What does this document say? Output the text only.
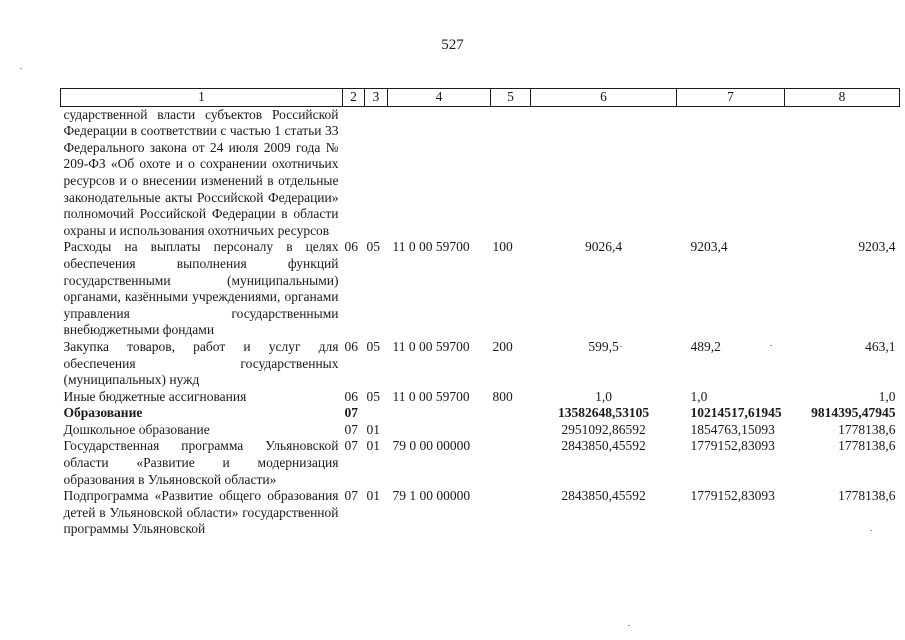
527
1	2	3	4	5	6	7	8
сударственной власти субъектов Российской Федерации в соответствии с частью 1 статьи 33 Федерального закона от 24 июля 2009 года № 209-ФЗ «Об охоте и о сохранении охотничьих ресурсов и о внесении изменений в отдельные законодательные акты Российской Федерации» полномочий Российской Федерации в области охраны и использования охотничьих ресурсов							
Расходы на выплаты персоналу в целях обеспечения выполнения функций государственными (муниципальными) органами, казёнными учреждениями, органами управления государственными внебюджетными фондами	06	05	11 0 00 59700	100	9026,4	9203,4	9203,4
Закупка товаров, работ и услуг для обеспечения государственных (муниципальных) нужд	06	05	11 0 00 59700	200	599,5	489,2	463,1
Иные бюджетные ассигнования	06	05	11 0 00 59700	800	1,0	1,0	1,0
Образование	07				13582648,53105	10214517,61945	9814395,47945
Дошкольное образование	07	01			2951092,86592	1854763,15093	1778138,6
Государственная программа Ульяновской области «Развитие и модернизация образования в Ульяновской области»	07	01	79 0 00 00000		2843850,45592	1779152,83093	1778138,6
Подпрограмма «Развитие общего образования детей в Ульяновской области» государственной программы Ульяновской	07	01	79 1 00 00000		2843850,45592	1779152,83093	1778138,6
